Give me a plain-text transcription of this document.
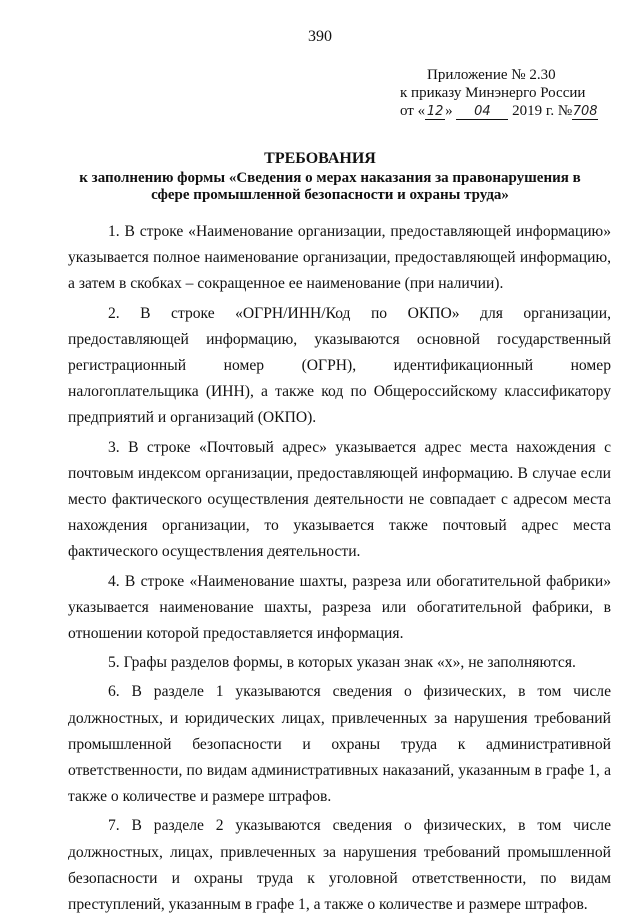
390
Приложение № 2.30
к приказу Минэнерго России
от « 12 » 04 2019 г. №708
ТРЕБОВАНИЯ
к заполнению формы «Сведения о мерах наказания за правонарушения в сфере промышленной безопасности и охраны труда»

1. В строке «Наименование организации, предоставляющей информацию» указывается полное наименование организации, предоставляющей информацию, а затем в скобках – сокращенное ее наименование (при наличии).

2. В строке «ОГРН/ИНН/Код по ОКПО» для организации, предоставляющей информацию, указываются основной государственный регистрационный номер (ОГРН), идентификационный номер налогоплательщика (ИНН), а также код по Общероссийскому классификатору предприятий и организаций (ОКПО).

3. В строке «Почтовый адрес» указывается адрес места нахождения с почтовым индексом организации, предоставляющей информацию. В случае если место фактического осуществления деятельности не совпадает с адресом места нахождения организации, то указывается также почтовый адрес места фактического осуществления деятельности.

4. В строке «Наименование шахты, разреза или обогатительной фабрики» указывается наименование шахты, разреза или обогатительной фабрики, в отношении которой предоставляется информация.

5. Графы разделов формы, в которых указан знак «х», не заполняются.

6. В разделе 1 указываются сведения о физических, в том числе должностных, и юридических лицах, привлеченных за нарушения требований промышленной безопасности и охраны труда к административной ответственности, по видам административных наказаний, указанным в графе 1, а также о количестве и размере штрафов.

7. В разделе 2 указываются сведения о физических, в том числе должностных, лицах, привлеченных за нарушения требований промышленной безопасности и охраны труда к уголовной ответственности, по видам преступлений, указанным в графе 1, а также о количестве и размере штрафов.
